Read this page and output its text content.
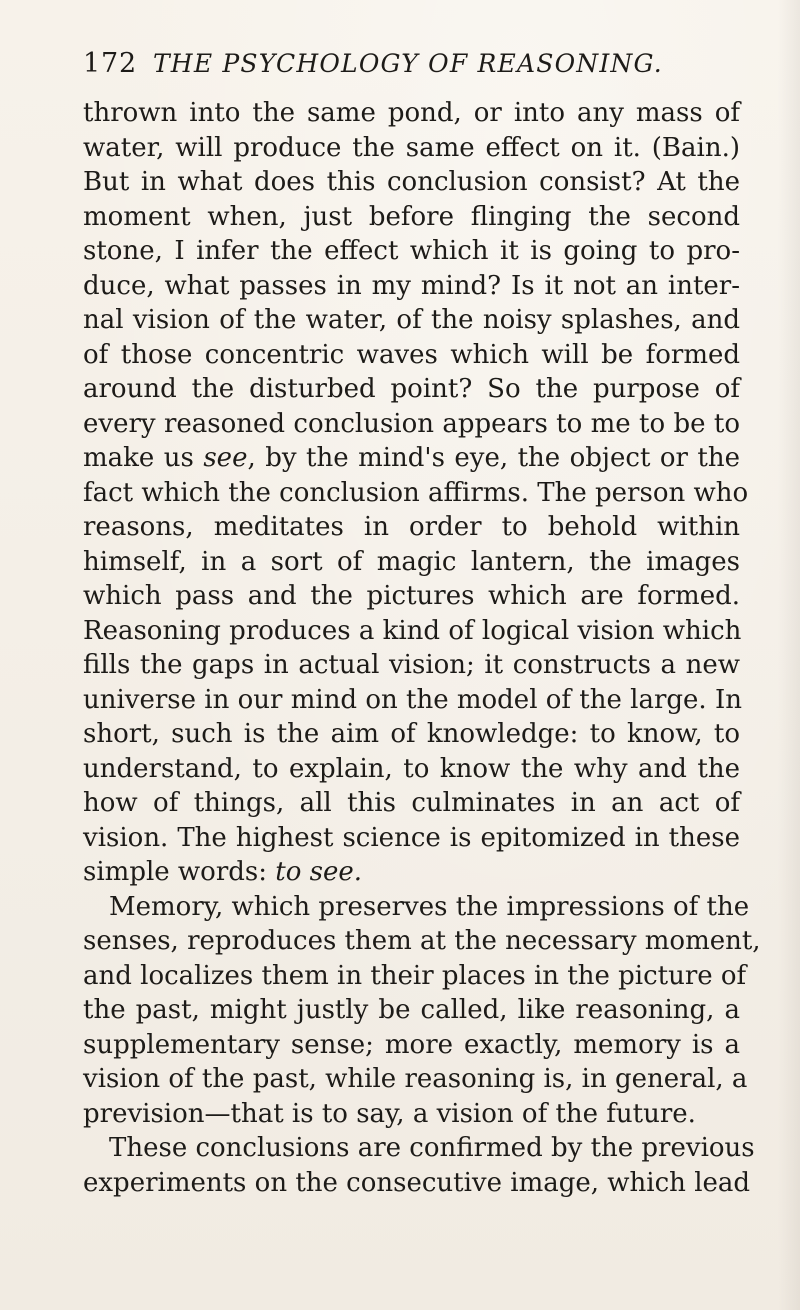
172 THE PSYCHOLOGY OF REASONING.
thrown into the same pond, or into any mass of
water, will produce the same effect on it. (Bain.)
But in what does this conclusion consist? At the
moment when, just before flinging the second
stone, I infer the effect which it is going to pro-
duce, what passes in my mind? Is it not an inter-
nal vision of the water, of the noisy splashes, and
of those concentric waves which will be formed
around the disturbed point? So the purpose of
every reasoned conclusion appears to me to be to
make us see, by the mind's eye, the object or the
fact which the conclusion affirms. The person who
reasons, meditates in order to behold within
himself, in a sort of magic lantern, the images
which pass and the pictures which are formed.
Reasoning produces a kind of logical vision which
fills the gaps in actual vision; it constructs a new
universe in our mind on the model of the large. In
short, such is the aim of knowledge: to know, to
understand, to explain, to know the why and the
how of things, all this culminates in an act of
vision. The highest science is epitomized in these
simple words: to see.
Memory, which preserves the impressions of the
senses, reproduces them at the necessary moment,
and localizes them in their places in the picture of
the past, might justly be called, like reasoning, a
supplementary sense; more exactly, memory is a
vision of the past, while reasoning is, in general, a
prevision—that is to say, a vision of the future.
These conclusions are confirmed by the previous
experiments on the consecutive image, which lead
